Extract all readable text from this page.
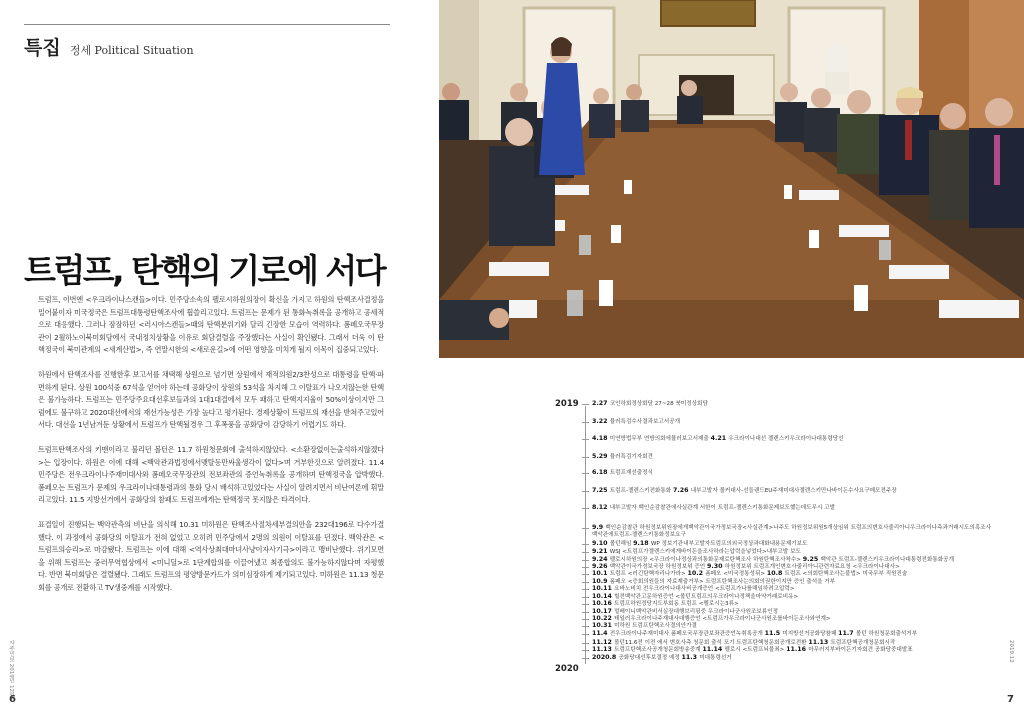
특집 정세 Political Situation
트럼프, 탄핵의 기로에 서다

트럼프, 이번엔 <우크라이나스캔들>이다. 민주당소속의 펠로시하원의장이 확신을 가지고 하원의 탄핵조사결정을 밀어붙이자 미국정국은 트럼프대통령탄핵조사에 휩쓸리고있다. 트럼프는 문제가 된 통화녹취록을 공개하고 공세적으로 대응했다. 그러나 잠잠하던 <러시아스캔들>때의 탄핵분위기와 달리 긴장한 모습이 역력하다. 폼페오국무장관이 2월하노이북미회담에서 국내정치상황을 이유로 회담결렬을 주장했다는 사실이 확인됐다. 그래서 더욱 이 탄핵정국이 북미관계의 <새계산법>, 즉 연말시한의 <새로운길>에 어떤 영향을 미치게 될지 이목이 집중되고있다.

하원에서 탄핵조사를 진행한후 보고서를 채택해 상원으로 넘기면 상원에서 재적의원2/3찬성으로 대통령을 탄핵·파면하게 된다. 상원 100석중 67석을 얻어야 하는데 공화당이 상원의 53석을 차지해 그 이탈표가 나오지않는한 탄핵은 불가능하다. 트럼프는 민주당주요대선후보들과의 1대1대결에서 모두 패하고 탄핵지지율이 50%이상이지만 그럼에도 불구하고 2020대선에서의 재선가능성은 가장 높다고 평가된다. 경제상황이 트럼프의 재선을 받쳐주고있어서다. 대선을 1년남겨둔 상황에서 트럼프가 탄핵될경우 그 후폭풍을 공화당이 감당하기 어렵기도 하다.

트럼프탄핵조사의 키맨이라고 불리던 볼턴은 11.7 하원청문회에 출석하지않았다. <소환장없이는출석하지않겠다>는 입장이다. 하원은 이에 대해 <백악관과법정에서맺탈등만싸울생각이 없다>며 거부한것으로 알려졌다. 11.4 민주당은 전우크라이나주재미대사와 폼페오국무장관의 전보좌관의 증언녹취록을 공개하며 탄핵정국을 압박했다. 폼페오는 트럼프가 문제의 우크라이나대통령과의 통화 당시 배석하고있었다는 사실이 알려지면서 비난여론에 휘말리고있다. 11.5 지방선거에서 공화당의 참패도 트럼프에게는 탄핵정국 못지않은 타격이다.

표결일이 진행되는 백악관측의 비난을 의식해 10.31 미하원은 탄핵조사절차세부결의안을 232대196로 다수가결했다. 이 과정에서 공화당의 이탈표가 전혀 없었고 오히려 민주당에서 2명의 의원이 이탈표를 던졌다. 백악관은 <트럼프의승리>로 마감됐다. 트럼프는 이에 대해 <역사상최대마녀사냥이자사기극>이라고 맹비난했다. 위기모면을 위해 트럼프는 중러무역협상에서 <미니딜>로 1단계합의를 이끌어냈고 최종합의도 불가능하지않다며 자평했다. 반면 북미회담은 결렬됐다. 그래도 트럼프의 평양방문카드가 의미심장하게 제기되고있다. 미하원은 11.13 청문회를 공개로 전환하고 TV생중계를 시작했다.

자주민보 2019년 12월
6
2019
2020
2.27 코인하회정상회담 27~28 북미정상회담
3.22 뮬러특검수사결과보고서공개
4.18 미연방법무부 연방의회에뮬러보고서제출 4.21 우크라이나대선 젤렌스키우크라이나대통령당선
5.29 뮬러특검기자회견
6.18 트럼프재선출정식
7.25 트럼프-젤렌스키전화통화 7.26 내부고발자 볼커대사-선들랜드EU주재미대사젤렌스키만나바이든수사요구메모전주장
8.12 내부고발자 백인순감찰관에사실관계 서한이 트럼프-젤렌스키통화문제보도했는데도무시 고발
9.9 백인순감찰관 하원정보위원장에게백악관이국가정보국장<사실관계>나주도 하원정보위원5개상임위 트럼프의변호사줄리아니우크라이나측과거래시도의혹조사 백악관에트럼프-젤렌스키통화정보요구
9.10 볼턴해임 9.18 WP 정보기관내부고발자트럼프의외국정상과대화내용문제기보도
9.21 WSJ <트럼프가젤렌스키에게바이든을조사하라는압력을넣었다>내부고발 보도
9.24 펠로시하원의장 <우크라이나정상과의통화문제로탄핵조사 하원탄핵조사착수> 9.25 백악관 트럼프-젤렌스키우크라이나대통령전화통화공개
9.26 백악관이국가정보국장 하원정보위 증언 9.30 하원정보위 트럼프개인변호사줄리아니관련자료요청 <우크라이나대사>
10.1 트럼프 <러긴탄핵자리나가라> 10.2 폼페오 <미국정통성뒤> 10.8 트럼프 <의회탄핵조사는불법> 미국무부 직원진술
10.9 폼페오 <증회의원들의 자료제출거부> 트럼프탄핵조사는의회의권한이지만 증인 출석을 거부
10.11 요바노비치 전우크라이나대사비공개증언 <트럼프가나를해임하려고압력>
10.14 힐전백악관고문하원증언 <볼턴트럼프의우크라이나정책을마약거래로비유>
10.16 트럼프하원정당지도부회동 트럼프 <펠로시는3류>
10.17 멀베이니백악관비서실장대행브리핑중 우크라이나군사원조보류인정
10.22 테일러우크라이나주재대사대행증언 <트럼프가우크라이나군사원조를바이든조사와연계>
10.31 미하원 트럼프탄핵조사결의안가결
11.4 전우크라이나주재미대사 폼페오국무장관보좌관증언녹취록공개 11.5 미지방선거공화당참패 11.7 볼턴 하원청문회출석거부
11.12 볼턴11.6전 이전 에서 변호사측 청문회 출석 포기 트럼프탄핵청문회공개로전환 11.13 트럼프탄핵공개청문회시작
11.13 트럼프탄핵조사공개청문회방송중계 11.14 펠로시 <트럼프뇌물죄> 11.16 마무러지부바이든기자회견 공화당중대발표
2020.8 공화당대선후보결정 예정 11.3 미대통령선거	2019.12
7
